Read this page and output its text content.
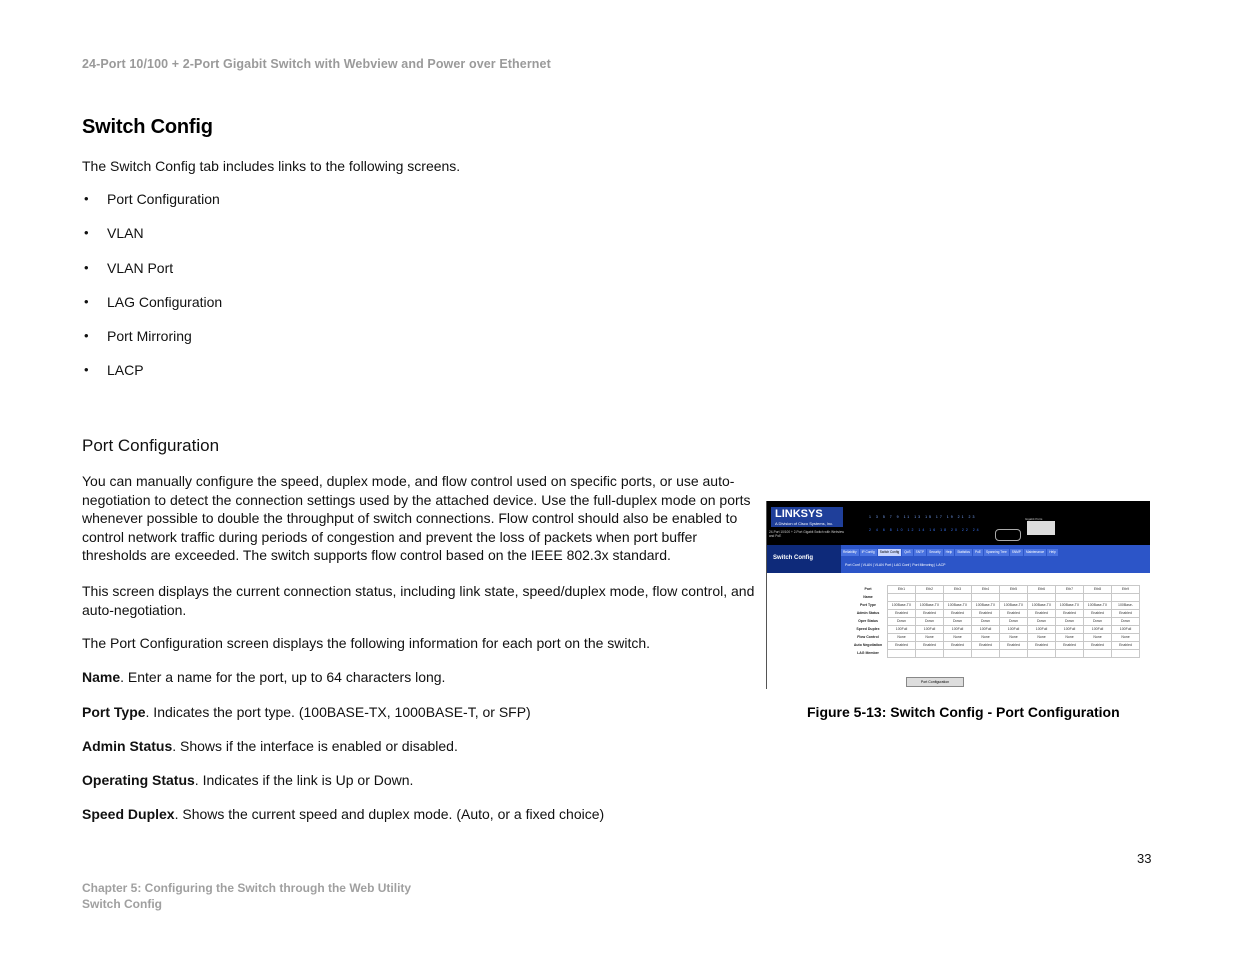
24-Port 10/100 + 2-Port Gigabit Switch with Webview and Power over Ethernet
Switch Config
The Switch Config tab includes links to the following screens.
•	Port Configuration
•	VLAN
•	VLAN Port
•	LAG Configuration
•	Port Mirroring
•	LACP
Port Configuration
You can manually configure the speed, duplex mode, and flow control used on specific ports, or use auto-negotiation to detect the connection settings used by the attached device. Use the full-duplex mode on ports whenever possible to double the throughput of switch connections. Flow control should also be enabled to control network traffic during periods of congestion and prevent the loss of packets when port buffer thresholds are exceeded. The switch supports flow control based on the IEEE 802.3x standard.
This screen displays the current connection status, including link state, speed/duplex mode, flow control, and auto-negotiation.
The Port Configuration screen displays the following information for each port on the switch.
Name. Enter a name for the port, up to 64 characters long.
Port Type. Indicates the port type. (100BASE-TX, 1000BASE-T, or SFP)
Admin Status. Shows if the interface is enabled or disabled.
Operating Status. Indicates if the link is Up or Down.
Speed Duplex. Shows the current speed and duplex mode. (Auto, or a fixed choice)
LINKSYS
A Division of Cisco Systems, Inc.
24-Port 10/100 + 2-Port Gigabit Switch with Webview and PoE
1 3 5 7 9 11 13 15 17 19 21 23
2 4 6 8 10 12 14 16 18 20 22 24
Gigabit Ports
Switch Config
Reliability	IP Config	Switch Config	QoS	SNTP	Security	Help	Statistics	PoE	Spanning Tree	SNMP	Maintenance	Help
Port Conf | VLAN | VLAN Port | LAG Conf | Port Mirroring | LACP
Port	Eth1	Eth2	Eth3	Eth4	Eth5	Eth6	Eth7	Eth8	Eth9
Name									
Port Type	100Base-TX	100Base-TX	100Base-TX	100Base-TX	100Base-TX	100Base-TX	100Base-TX	100Base-TX	100Base-
Admin Status	Enabled	Enabled	Enabled	Enabled	Enabled	Enabled	Enabled	Enabled	Enabled
Oper Status	Down	Down	Down	Down	Down	Down	Down	Down	Down
Speed Duplex	100Full	100Full	100Full	100Full	100Full	100Full	100Full	100Full	100Full
Flow Control	None	None	None	None	None	None	None	None	None
Auto Negotiation	Enabled	Enabled	Enabled	Enabled	Enabled	Enabled	Enabled	Enabled	Enabled
LAG Member									
Port Configuration
Figure 5-13: Switch Config - Port Configuration
33
Chapter 5: Configuring the Switch through the Web Utility
Switch Config
